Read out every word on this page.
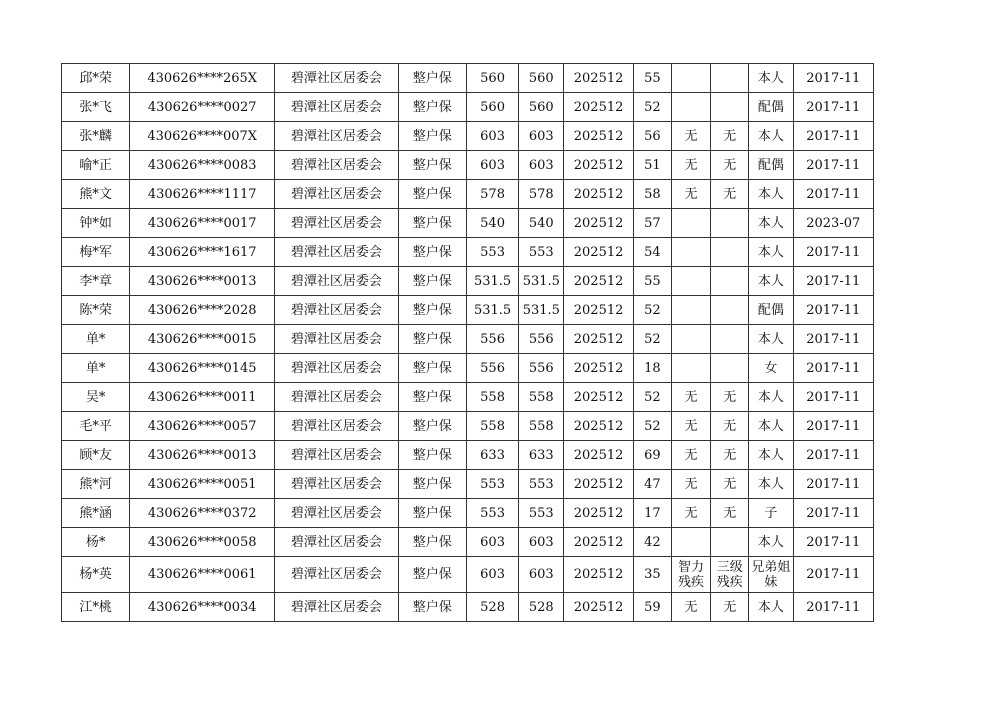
邱*荣	430626****265X	碧潭社区居委会	整户保	560	560	202512	55			本人	2017-11
张*飞	430626****0027	碧潭社区居委会	整户保	560	560	202512	52			配偶	2017-11
张*麟	430626****007X	碧潭社区居委会	整户保	603	603	202512	56	无	无	本人	2017-11
喻*正	430626****0083	碧潭社区居委会	整户保	603	603	202512	51	无	无	配偶	2017-11
熊*文	430626****1117	碧潭社区居委会	整户保	578	578	202512	58	无	无	本人	2017-11
钟*如	430626****0017	碧潭社区居委会	整户保	540	540	202512	57			本人	2023-07
梅*军	430626****1617	碧潭社区居委会	整户保	553	553	202512	54			本人	2017-11
李*章	430626****0013	碧潭社区居委会	整户保	531.5	531.5	202512	55			本人	2017-11
陈*荣	430626****2028	碧潭社区居委会	整户保	531.5	531.5	202512	52			配偶	2017-11
单*	430626****0015	碧潭社区居委会	整户保	556	556	202512	52			本人	2017-11
单*	430626****0145	碧潭社区居委会	整户保	556	556	202512	18			女	2017-11
吴*	430626****0011	碧潭社区居委会	整户保	558	558	202512	52	无	无	本人	2017-11
毛*平	430626****0057	碧潭社区居委会	整户保	558	558	202512	52	无	无	本人	2017-11
顾*友	430626****0013	碧潭社区居委会	整户保	633	633	202512	69	无	无	本人	2017-11
熊*河	430626****0051	碧潭社区居委会	整户保	553	553	202512	47	无	无	本人	2017-11
熊*涵	430626****0372	碧潭社区居委会	整户保	553	553	202512	17	无	无	子	2017-11
杨*	430626****0058	碧潭社区居委会	整户保	603	603	202512	42			本人	2017-11
杨*英	430626****0061	碧潭社区居委会	整户保	603	603	202512	35	智力残疾	三级残疾	兄弟姐妹	2017-11
江*桃	430626****0034	碧潭社区居委会	整户保	528	528	202512	59	无	无	本人	2017-11
